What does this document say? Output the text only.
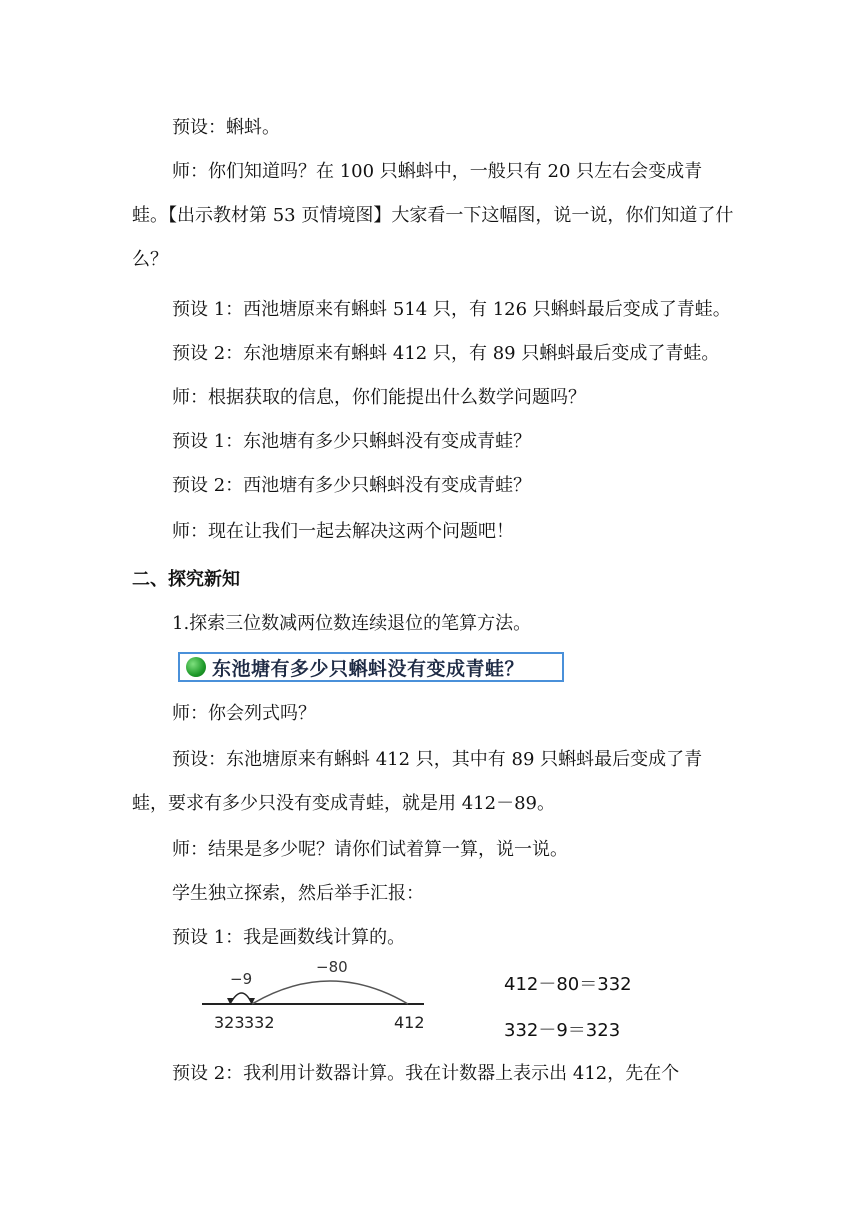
预设：蝌蚪。
师：你们知道吗？在 100 只蝌蚪中，一般只有 20 只左右会变成青蛙。【出示教材第 53 页情境图】大家看一下这幅图，说一说，你们知道了什么？
预设 1：西池塘原来有蝌蚪 514 只，有 126 只蝌蚪最后变成了青蛙。
预设 2：东池塘原来有蝌蚪 412 只，有 89 只蝌蚪最后变成了青蛙。
师：根据获取的信息，你们能提出什么数学问题吗？
预设 1：东池塘有多少只蝌蚪没有变成青蛙？
预设 2：西池塘有多少只蝌蚪没有变成青蛙？
师：现在让我们一起去解决这两个问题吧！
二、探究新知
1.探索三位数减两位数连续退位的笔算方法。
东池塘有多少只蝌蚪没有变成青蛙？
师：你会列式吗？
预设：东池塘原来有蝌蚪 412 只，其中有 89 只蝌蚪最后变成了青蛙，要求有多少只没有变成青蛙，就是用 412－89。
师：结果是多少呢？请你们试着算一算，说一说。
学生独立探索，然后举手汇报：
预设 1：我是画数线计算的。
−9
−80
323 332	412
412－80＝332
332－9＝323
预设 2：我利用计数器计算。我在计数器上表示出 412，先在个
